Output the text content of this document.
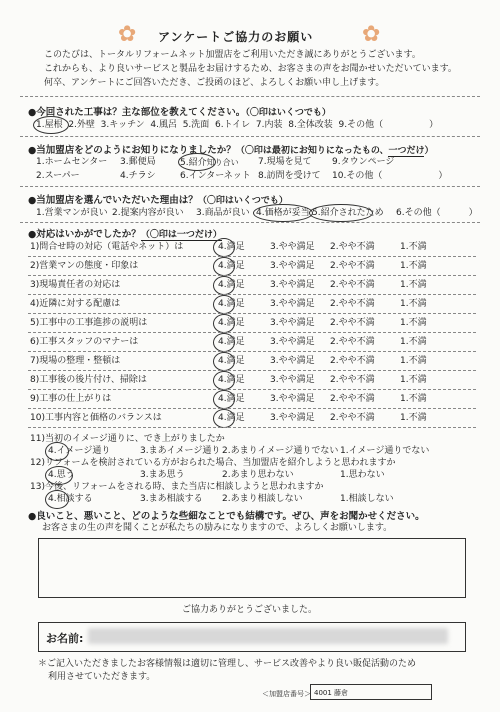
✿	✿
アンケートご協力のお願い
このたびは、トータルリフォームネット加盟店をご利用いただき誠にありがとうございます。
これからも、より良いサービスと製品をお届けするため、お客さまの声をお聞かせいただいています。
何卒、アンケートにご回答いただき、ご投函のほど、よろしくお願い申し上げます。
●今回された工事は？主な部位を教えてください。（〇印はいくつでも）
1.屋根 2.外壁 3.キッチン 4.風呂 5.洗面 6.トイレ 7.内装 8.全体改装 9.その他（	）
●当加盟店をどのようにお知りになりましたか？（〇印は最初にお知りになったもの、一つだけ）
1.ホームセンター 3.郵便局	5.紹介知り合い 7.現場を見て 9.タウンページ
2.スーパー	4.チラシ	6.インターネット 8.訪問を受けて 10.その他（	）
●当加盟店を選んでいただいた理由は？（〇印はいくつでも）
1.営業マンが良い 2.提案内容が良い 3.商品が良い 4.価格が妥当 5.紹介されたため 6.その他（	）
●対応はいかがでしたか？（〇印は一つだけ）
1)問合せ時の対応（電話やネット）は	4.満足	3.やや満足 2.やや不満	1.不満
2)営業マンの態度・印象は	4.満足	3.やや満足 2.やや不満	1.不満
3)現場責任者の対応は	4.満足	3.やや満足 2.やや不満	1.不満
4)近隣に対する配慮は	4.満足	3.やや満足 2.やや不満	1.不満
5)工事中の工事進捗の説明は	4.満足	3.やや満足 2.やや不満	1.不満
6)工事スタッフのマナーは	4.満足	3.やや満足 2.やや不満	1.不満
7)現場の整理・整頓は	4.満足	3.やや満足 2.やや不満	1.不満
8)工事後の後片付け、掃除は	4.満足	3.やや満足 2.やや不満	1.不満
9)工事の仕上がりは	4.満足	3.やや満足 2.やや不満	1.不満
10)工事内容と価格のバランスは	4.満足	3.やや満足 2.やや不満	1.不満
11)当初のイメージ通りに、でき上がりましたか
4.イメージ通り	3.まあイメージ通り 2.あまりイメージ通りでない 1.イメージ通りでない
12)リフォームを検討されている方がおられた場合、当加盟店を紹介しようと思われますか
4.思う	3.まあ思う	2.あまり思わない	1.思わない
13)今後、リフォームをされる時、また当店に相談しようと思われますか
4.相談する	3.まあ相談する 2.あまり相談しない	1.相談しない
●良いこと、悪いこと、どのような些細なことでも結構です。ぜひ、声をお聞かせください。
お客さまの生の声を聞くことが私たちの励みになりますので、よろしくお願いします。
ご協力ありがとうございました。
お名前:
＊ご記入いただきましたお客様情報は適切に管理し、サービス改善やより良い販促活動のため
利用させていただきます。
＜加盟店番号＞ 4001 藤倉
